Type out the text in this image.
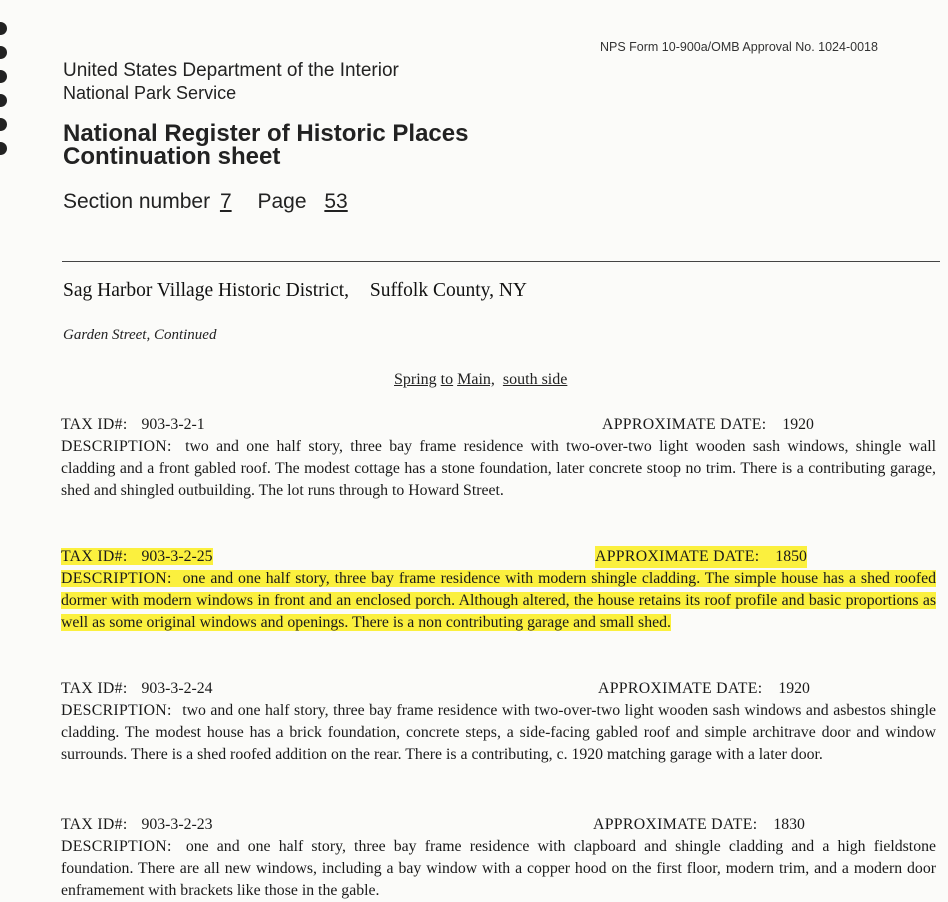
NPS Form 10-900a/OMB Approval No. 1024-0018
United States Department of the Interior
National Park Service
National Register of Historic Places
Continuation sheet
Section number 7 Page 53
Sag Harbor Village Historic District, Suffolk County, NY
Garden Street, Continued
Spring to Main, south side
TAX ID#: 903-3-2-1	APPROXIMATE DATE: 1920
DESCRIPTION: two and one half story, three bay frame residence with two-over-two light wooden sash windows, shingle wall cladding and a front gabled roof. The modest cottage has a stone foundation, later concrete stoop no trim. There is a contributing garage, shed and shingled outbuilding. The lot runs through to Howard Street.
TAX ID#: 903-3-2-25	APPROXIMATE DATE: 1850
DESCRIPTION: one and one half story, three bay frame residence with modern shingle cladding. The simple house has a shed roofed dormer with modern windows in front and an enclosed porch. Although altered, the house retains its roof profile and basic proportions as well as some original windows and openings. There is a non contributing garage and small shed.
TAX ID#: 903-3-2-24	APPROXIMATE DATE: 1920
DESCRIPTION: two and one half story, three bay frame residence with two-over-two light wooden sash windows and asbestos shingle cladding. The modest house has a brick foundation, concrete steps, a side-facing gabled roof and simple architrave door and window surrounds. There is a shed roofed addition on the rear. There is a contributing, c. 1920 matching garage with a later door.
TAX ID#: 903-3-2-23	APPROXIMATE DATE: 1830
DESCRIPTION: one and one half story, three bay frame residence with clapboard and shingle cladding and a high fieldstone foundation. There are all new windows, including a bay window with a copper hood on the first floor, modern trim, and a modern door enframement with brackets like those in the gable.
